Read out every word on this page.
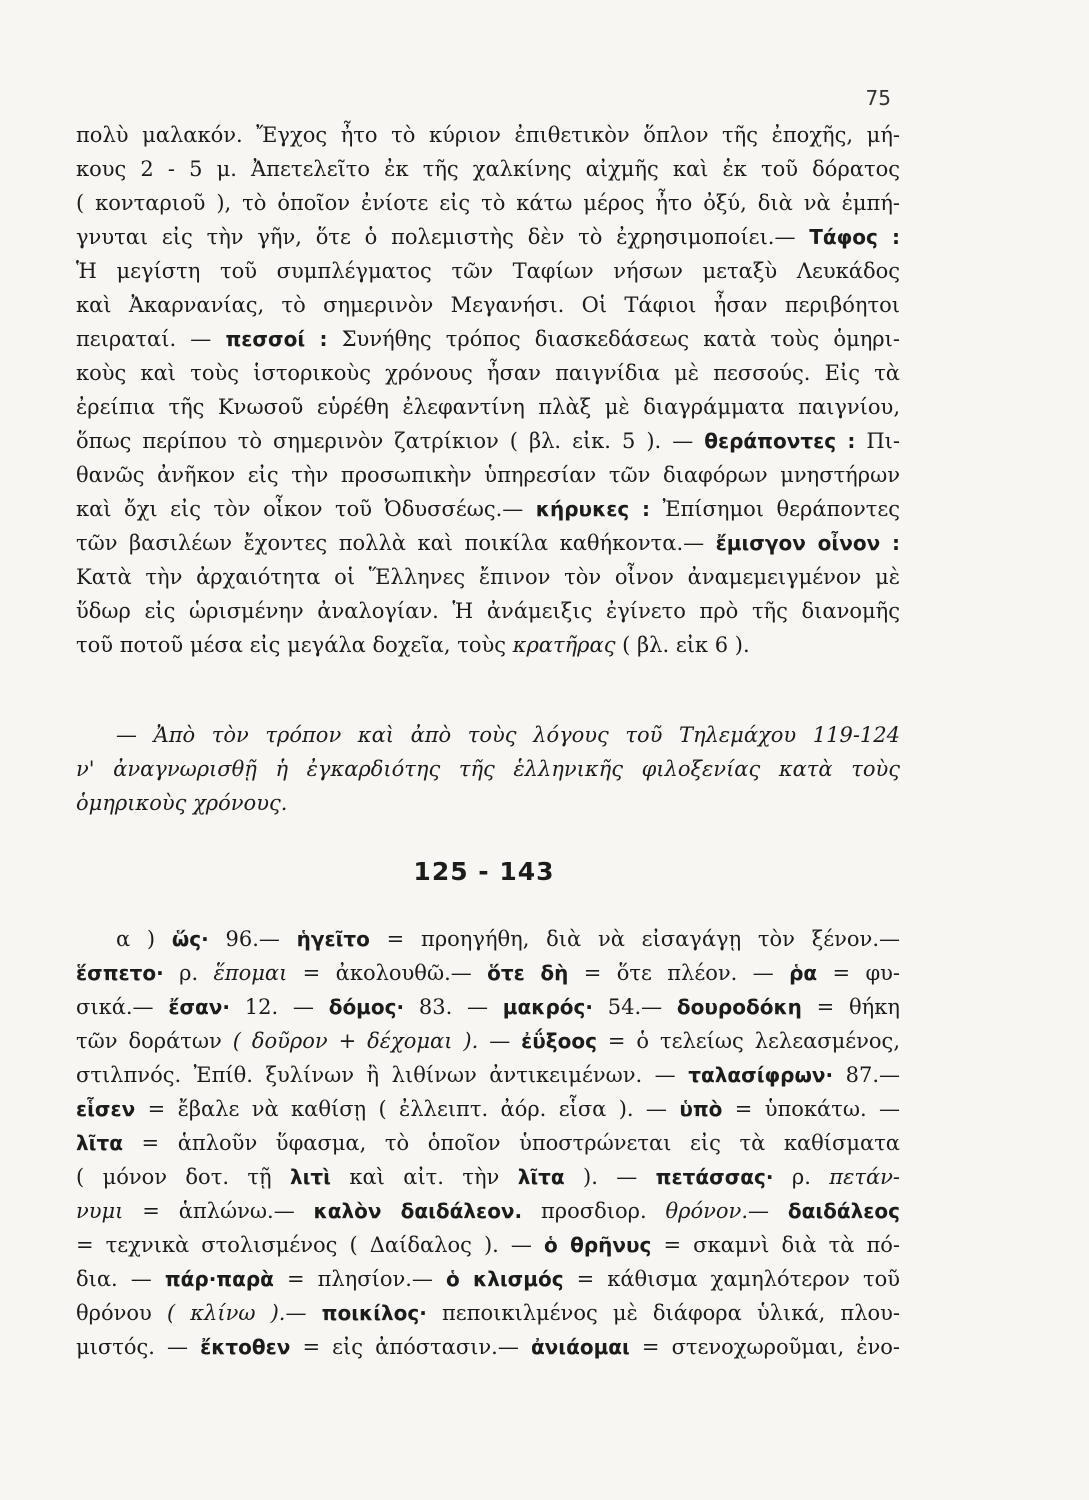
75
πολὺ μαλακόν. Ἔγχος ἦτο τὸ κύριον ἐπιθετικὸν ὅπλον τῆς ἐποχῆς, μή-
κους 2 - 5 μ. Ἀπετελεῖτο ἐκ τῆς χαλκίνης αἰχμῆς καὶ ἐκ τοῦ δόρατος
( κονταριοῦ ), τὸ ὁποῖον ἐνίοτε εἰς τὸ κάτω μέρος ἦτο ὀξύ, διὰ νὰ ἐμπή-
γνυται εἰς τὴν γῆν, ὅτε ὁ πολεμιστὴς δὲν τὸ ἐχρησιμοποίει.— Τάφος :
Ἡ μεγίστη τοῦ συμπλέγματος τῶν Ταφίων νήσων μεταξὺ Λευκάδος
καὶ Ἀκαρνανίας, τὸ σημερινὸν Μεγανήσι. Οἱ Τάφιοι ἦσαν περιβόητοι
πειραταί. — πεσσοί : Συνήθης τρόπος διασκεδάσεως κατὰ τοὺς ὁμηρι-
κοὺς καὶ τοὺς ἱστορικοὺς χρόνους ἦσαν παιγνίδια μὲ πεσσούς. Εἰς τὰ
ἐρείπια τῆς Κνωσοῦ εὑρέθη ἐλεφαντίνη πλὰξ μὲ διαγράμματα παιγνίου,
ὅπως περίπου τὸ σημερινὸν ζατρίκιον ( βλ. εἰκ. 5 ). — θεράποντες : Πι-
θανῶς ἀνῆκον εἰς τὴν προσωπικὴν ὑπηρεσίαν τῶν διαφόρων μνηστήρων
καὶ ὄχι εἰς τὸν οἶκον τοῦ Ὀδυσσέως.— κήρυκες : Ἐπίσημοι θεράποντες
τῶν βασιλέων ἔχοντες πολλὰ καὶ ποικίλα καθήκοντα.— ἔμισγον οἶνον :
Κατὰ τὴν ἀρχαιότητα οἱ Ἕλληνες ἔπινον τὸν οἶνον ἀναμεμειγμένον μὲ
ὕδωρ εἰς ὡρισμένην ἀναλογίαν. Ἡ ἀνάμειξις ἐγίνετο πρὸ τῆς διανομῆς
τοῦ ποτοῦ μέσα εἰς μεγάλα δοχεῖα, τοὺς κρατῆρας ( βλ. εἰκ 6 ).
— Ἀπὸ τὸν τρόπον καὶ ἀπὸ τοὺς λόγους τοῦ Τηλεμάχου 119-124
ν' ἀναγνωρισθῇ ἡ ἐγκαρδιότης τῆς ἑλληνικῆς φιλοξενίας κατὰ τοὺς
ὁμηρικοὺς χρόνους.
125 - 143
α ) ὥς· 96.— ἡγεῖτο = προηγήθη, διὰ νὰ εἰσαγάγῃ τὸν ξένον.—
ἕσπετο· ρ. ἕπομαι = ἀκολουθῶ.— ὅτε δὴ = ὅτε πλέον. — ῥα = φυ-
σικά.— ἔσαν· 12. — δόμος· 83. — μακρός· 54.— δουροδόκη = θήκη
τῶν δοράτων ( δοῦρον + δέχομαι ). — ἐΰξοος = ὁ τελείως λελεασμένος,
στιλπνός. Ἐπίθ. ξυλίνων ἢ λιθίνων ἀντικειμένων. — ταλασίφρων· 87.—
εἷσεν = ἔβαλε νὰ καθίσῃ ( ἐλλειπτ. ἀόρ. εἷσα ). — ὑπὸ = ὑποκάτω. —
λῖτα = ἁπλοῦν ὕφασμα, τὸ ὁποῖον ὑποστρώνεται εἰς τὰ καθίσματα
( μόνον δοτ. τῇ λιτὶ καὶ αἰτ. τὴν λῖτα ). — πετάσσας· ρ. πετάν-
νυμι = ἁπλώνω.— καλὸν δαιδάλεον. προσδιορ. θρόνον.— δαιδάλεος
= τεχνικὰ στολισμένος ( Δαίδαλος ). — ὁ θρῆνυς = σκαμνὶ διὰ τὰ πό-
δια. — πάρ·παρὰ = πλησίον.— ὁ κλισμός = κάθισμα χαμηλότερον τοῦ
θρόνου ( κλίνω ).— ποικίλος· πεποικιλμένος μὲ διάφορα ὑλικά, πλου-
μιστός. — ἔκτοθεν = εἰς ἀπόστασιν.— ἀνιάομαι = στενοχωροῦμαι, ἐνο-
